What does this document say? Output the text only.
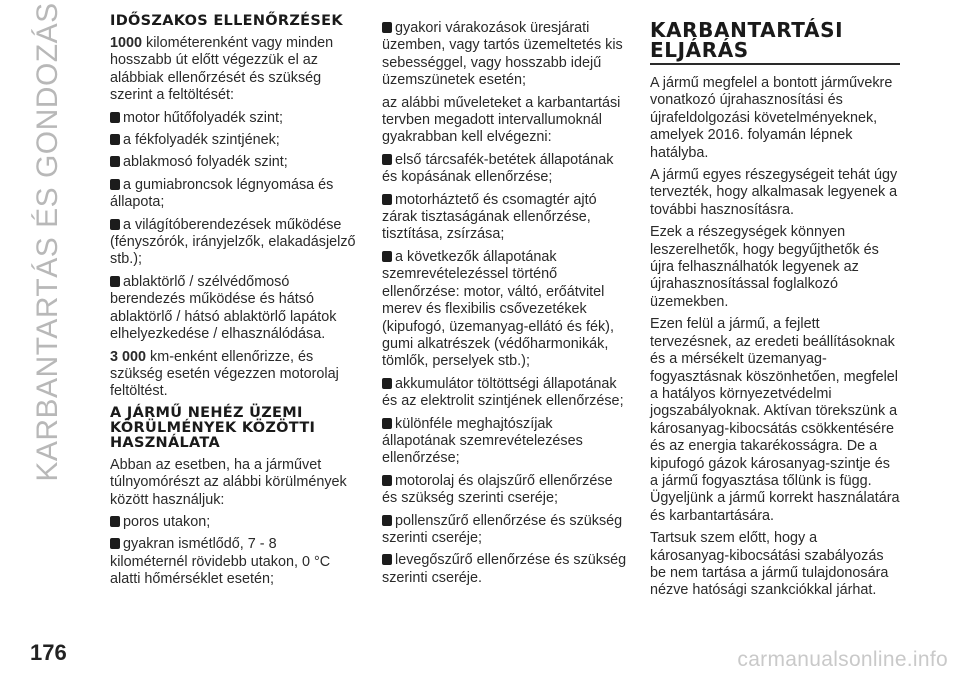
KARBANTARTÁS ÉS GONDOZÁS	IDŐSZAKOS ELLENŐRZÉSEK

1000 kilométerenként vagy minden hosszabb út előtt végezzük el az alábbiak ellenőrzését és szükség szerint a feltöltését:

motor hűtőfolyadék szint;
a fékfolyadék szintjének;
ablakmosó folyadék szint;
a gumiabroncsok légnyomása és állapota;
a világítóberendezések működése (fényszórók, irányjelzők, elakadásjelző stb.);
ablaktörlő / szélvédőmosó berendezés működése és hátsó ablaktörlő / hátsó ablaktörlő lapátok elhelyezkedése / elhasználódása.

3 000 km-enként ellenőrizze, és szükség esetén végezzen motorolaj feltöltést.

A JÁRMŰ NEHÉZ ÜZEMI KÖRÜLMÉNYEK KÖZÖTTI HASZNÁLATA

Abban az esetben, ha a járművet túlnyomórészt az alábbi körülmények között használjuk:

poros utakon;
gyakran ismétlődő, 7 - 8 kilométernél rövidebb utakon, 0 °C alatti hőmérséklet esetén;
gyakori várakozások üresjárati üzemben, vagy tartós üzemeltetés kis sebességgel, vagy hosszabb idejű üzemszünetek esetén;

az alábbi műveleteket a karbantartási tervben megadott intervallumoknál gyakrabban kell elvégezni:

első tárcsafék-betétek állapotának és kopásának ellenőrzése;
motorháztető és csomagtér ajtó zárak tisztaságának ellenőrzése, tisztítása, zsírzása;
a következők állapotának szemrevételezéssel történő ellenőrzése: motor, váltó, erőátvitel merev és flexibilis csővezetékek (kipufogó, üzemanyag-ellátó és fék), gumi alkatrészek (védőharmonikák, tömlők, perselyek stb.);
akkumulátor töltöttségi állapotának és az elektrolit szintjének ellenőrzése;
különféle meghajtószíjak állapotának szemrevételezéses ellenőrzése;
motorolaj és olajszűrő ellenőrzése és szükség szerinti cseréje;
pollenszűrő ellenőrzése és szükség szerinti cseréje;
levegőszűrő ellenőrzése és szükség szerinti cseréje.
KARBANTARTÁSI ELJÁRÁS

A jármű megfelel a bontott járművekre vonatkozó újrahasznosítási és újrafeldolgozási követelményeknek, amelyek 2016. folyamán lépnek hatályba.

A jármű egyes részegységeit tehát úgy tervezték, hogy alkalmasak legyenek a további hasznosításra.

Ezek a részegységek könnyen leszerelhetők, hogy begyűjthetők és újra felhasználhatók legyenek az újrahasznosítással foglalkozó üzemekben.

Ezen felül a jármű, a fejlett tervezésnek, az eredeti beállításoknak és a mérsékelt üzemanyag-fogyasztásnak köszönhetően, megfelel a hatályos környezetvédelmi jogszabályoknak. Aktívan törekszünk a károsanyag-kibocsátás csökkentésére és az energia takarékosságra. De a kipufogó gázok károsanyag-szintje és a jármű fogyasztása tőlünk is függ. Ügyeljünk a jármű korrekt használatára és karbantartására.

Tartsuk szem előtt, hogy a károsanyag-kibocsátási szabályozás be nem tartása a jármű tulajdonosára nézve hatósági szankciókkal járhat.

176	carmanualsonline.info
